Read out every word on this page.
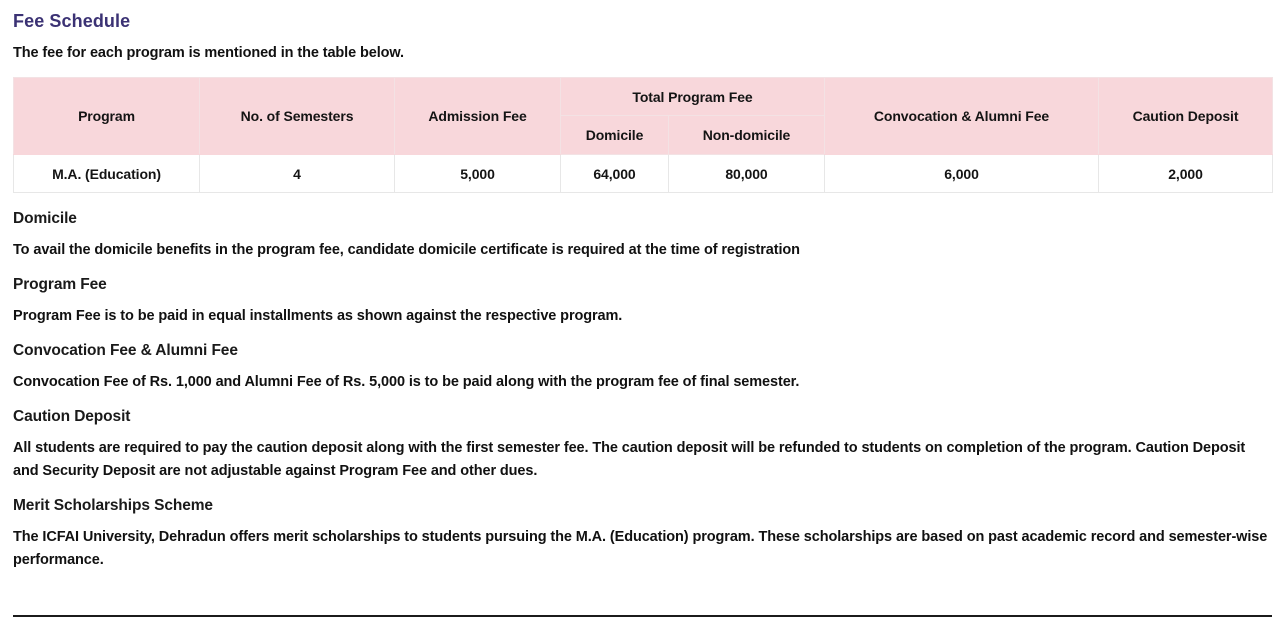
Fee Schedule

The fee for each program is mentioned in the table below.

Program	No. of Semesters	Admission Fee	Total Program Fee		Convocation & Alumni Fee	Caution Deposit
			Domicile	Non-domicile		
M.A. (Education)	4	5,000	64,000	80,000	6,000	2,000
Domicile

To avail the domicile benefits in the program fee, candidate domicile certificate is required at the time of registration

Program Fee

Program Fee is to be paid in equal installments as shown against the respective program.

Convocation Fee & Alumni Fee

Convocation Fee of Rs. 1,000 and Alumni Fee of Rs. 5,000 is to be paid along with the program fee of final semester.

Caution Deposit

All students are required to pay the caution deposit along with the first semester fee. The caution deposit will be refunded to students on completion of the program. Caution Deposit and Security Deposit are not adjustable against Program Fee and other dues.

Merit Scholarships Scheme

The ICFAI University, Dehradun offers merit scholarships to students pursuing the M.A. (Education) program. These scholarships are based on past academic record and semester-wise performance.
